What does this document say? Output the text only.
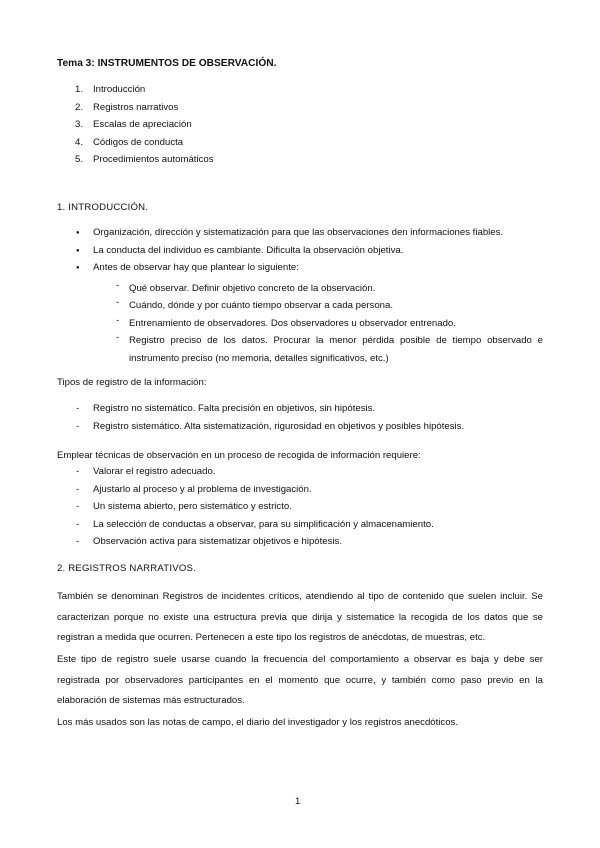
Tema 3: INSTRUMENTOS DE OBSERVACIÓN.
1.	Introducción
2.	Registros narrativos
3.	Escalas de apreciación
4.	Códigos de conducta
5.	Procedimientos automáticos
1. INTRODUCCIÓN.
● Organización, dirección y sistematización para que las observaciones den informaciones fiables.
● La conducta del individuo es cambiante. Dificulta la observación objetiva.
● Antes de observar hay que plantear lo siguiente:
- Qué observar. Definir objetivo concreto de la observación.
- Cuándo, dónde y por cuánto tiempo observar a cada persona.
- Entrenamiento de observadores. Dos observadores u observador entrenado.
- Registro preciso de los datos. Procurar la menor pérdida posible de tiempo observado e instrumento preciso (no memoria, detalles significativos, etc.)
Tipos de registro de la información:
- Registro no sistemático. Falta precisión en objetivos, sin hipótesis.
- Registro sistemático. Alta sistematización, rigurosidad en objetivos y posibles hipótesis.
Emplear técnicas de observación en un proceso de recogida de información requiere:
- Valorar el registro adecuado.
- Ajustarlo al proceso y al problema de investigación.
- Un sistema abierto, pero sistemático y estricto.
- La selección de conductas a observar, para su simplificación y almacenamiento.
- Observación activa para sistematizar objetivos e hipótesis.
2. REGISTROS NARRATIVOS.
También se denominan Registros de incidentes críticos, atendiendo al tipo de contenido que suelen incluir. Se caracterizan porque no existe una estructura previa que dirija y sistematice la recogida de los datos que se registran a medida que ocurren. Pertenecen a este tipo los registros de anécdotas, de muestras, etc.
Este tipo de registro suele usarse cuando la frecuencia del comportamiento a observar es baja y debe ser registrada por observadores participantes en el momento que ocurre, y también como paso previo en la elaboración de sistemas más estructurados.
Los más usados son las notas de campo, el diario del investigador y los registros anecdóticos.
1
